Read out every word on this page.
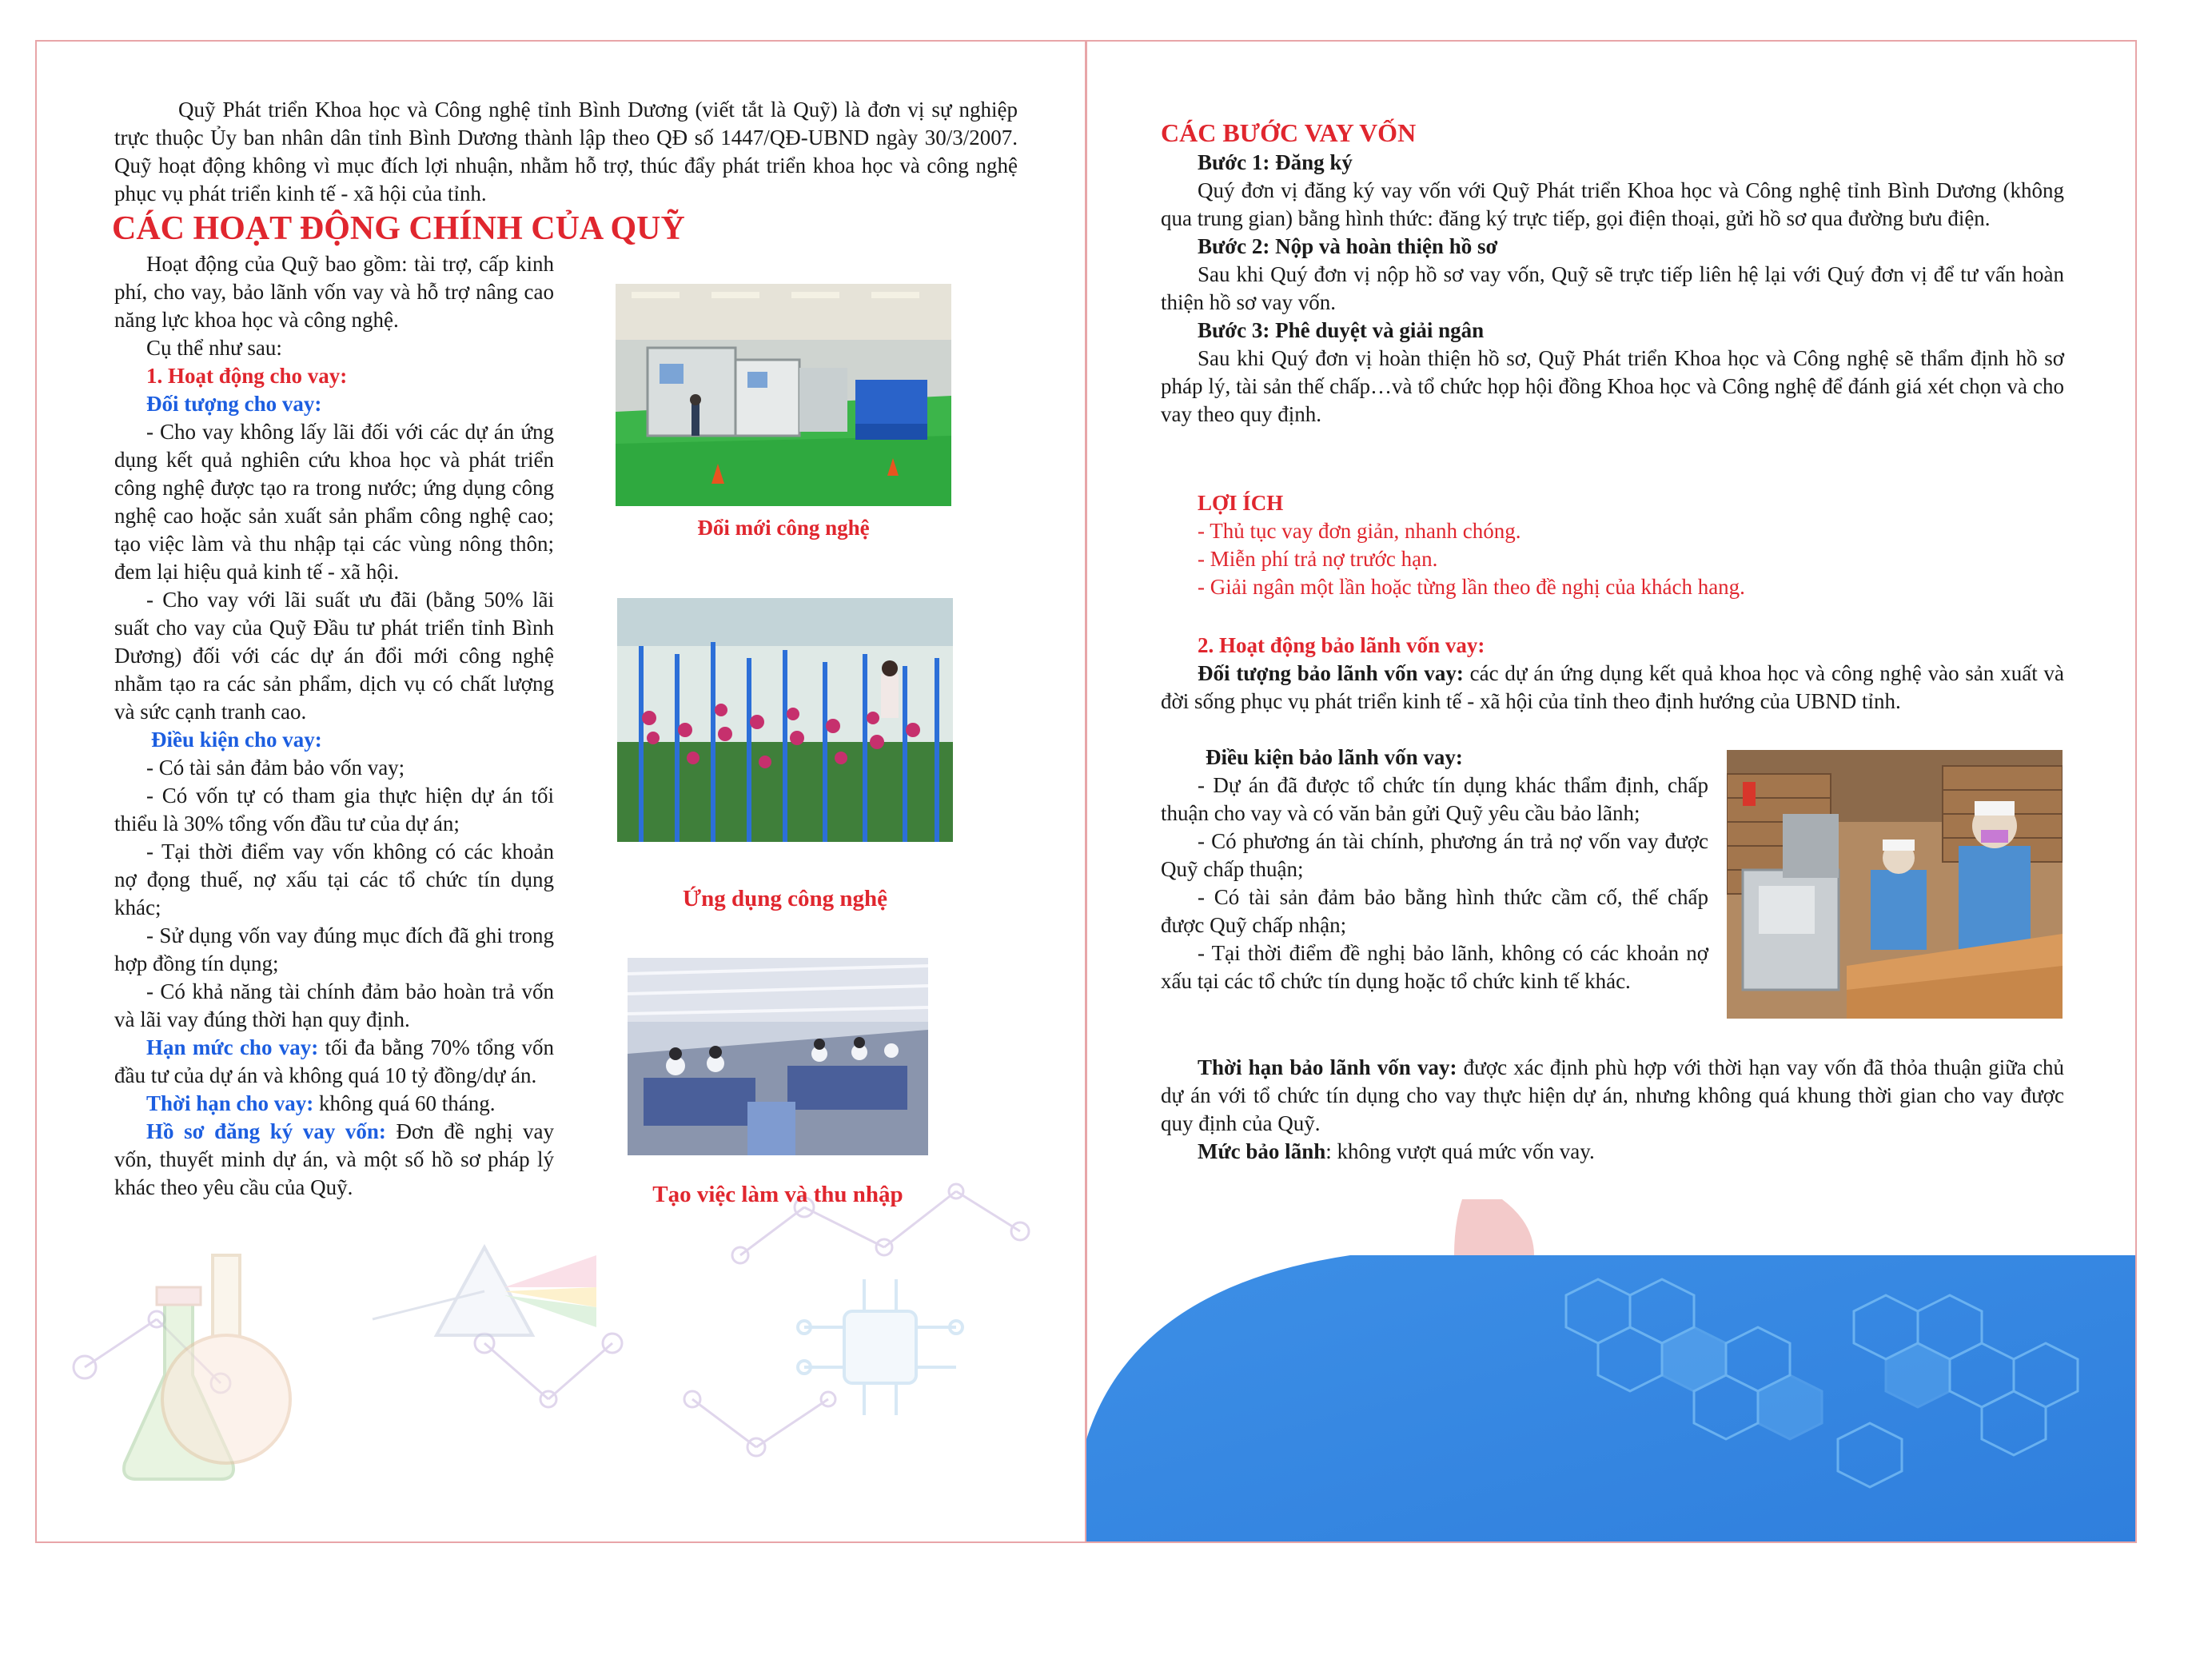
Quỹ Phát triển Khoa học và Công nghệ tỉnh Bình Dương (viết tắt là Quỹ) là đơn vị sự nghiệp trực thuộc Ủy ban nhân dân tỉnh Bình Dương thành lập theo QĐ số 1447/QĐ-UBND ngày 30/3/2007. Quỹ hoạt động không vì mục đích lợi nhuận, nhằm hỗ trợ, thúc đẩy phát triển khoa học và công nghệ phục vụ phát triển kinh tế - xã hội của tỉnh.

CÁC HOẠT ĐỘNG CHÍNH CỦA QUỸ

Hoạt động của Quỹ bao gồm: tài trợ, cấp kinh phí, cho vay, bảo lãnh vốn vay và hỗ trợ nâng cao năng lực khoa học và công nghệ.

Cụ thể như sau:

1. Hoạt động cho vay:

Đối tượng cho vay:

- Cho vay không lấy lãi đối với các dự án ứng dụng kết quả nghiên cứu khoa học và phát triển công nghệ được tạo ra trong nước; ứng dụng công nghệ cao hoặc sản xuất sản phẩm công nghệ cao; tạo việc làm và thu nhập tại các vùng nông thôn; đem lại hiệu quả kinh tế - xã hội.

- Cho vay với lãi suất ưu đãi (bằng 50% lãi suất cho vay của Quỹ Đầu tư phát triển tỉnh Bình Dương) đối với các dự án đổi mới công nghệ nhằm tạo ra các sản phẩm, dịch vụ có chất lượng và sức cạnh tranh cao.

Điều kiện cho vay:

- Có tài sản đảm bảo vốn vay;

- Có vốn tự có tham gia thực hiện dự án tối thiểu là 30% tổng vốn đầu tư của dự án;

- Tại thời điểm vay vốn không có các khoản nợ đọng thuế, nợ xấu tại các tổ chức tín dụng khác;

- Sử dụng vốn vay đúng mục đích đã ghi trong hợp đồng tín dụng;

- Có khả năng tài chính đảm bảo hoàn trả vốn và lãi vay đúng thời hạn quy định.

Hạn mức cho vay: tối đa bằng 70% tổng vốn đầu tư của dự án và không quá 10 tỷ đồng/dự án.

Thời hạn cho vay: không quá 60 tháng.

Hồ sơ đăng ký vay vốn: Đơn đề nghị vay vốn, thuyết minh dự án, và một số hồ sơ pháp lý khác theo yêu cầu của Quỹ.

Đổi mới công nghệ
Ứng dụng công nghệ
Tạo việc làm và thu nhập
CÁC BƯỚC VAY VỐN

Bước 1: Đăng ký

Quý đơn vị đăng ký vay vốn với Quỹ Phát triển Khoa học và Công nghệ tỉnh Bình Dương (không qua trung gian) bằng hình thức: đăng ký trực tiếp, gọi điện thoại, gửi hồ sơ qua đường bưu điện.

Bước 2: Nộp và hoàn thiện hồ sơ

Sau khi Quý đơn vị nộp hồ sơ vay vốn, Quỹ sẽ trực tiếp liên hệ lại với Quý đơn vị để tư vấn hoàn thiện hồ sơ vay vốn.

Bước 3: Phê duyệt và giải ngân

Sau khi Quý đơn vị hoàn thiện hồ sơ, Quỹ Phát triển Khoa học và Công nghệ sẽ thẩm định hồ sơ pháp lý, tài sản thế chấp…và tổ chức họp hội đồng Khoa học và Công nghệ để đánh giá xét chọn và cho vay theo quy định.

LỢI ÍCH

- Thủ tục vay đơn giản, nhanh chóng.

- Miễn phí trả nợ trước hạn.

- Giải ngân một lần hoặc từng lần theo đề nghị của khách hang.

2. Hoạt động bảo lãnh vốn vay:

Đối tượng bảo lãnh vốn vay: các dự án ứng dụng kết quả khoa học và công nghệ vào sản xuất và đời sống phục vụ phát triển kinh tế - xã hội của tỉnh theo định hướng của UBND tỉnh.

Điều kiện bảo lãnh vốn vay:

- Dự án đã được tổ chức tín dụng khác thẩm định, chấp thuận cho vay và có văn bản gửi Quỹ yêu cầu bảo lãnh;

- Có phương án tài chính, phương án trả nợ vốn vay được Quỹ chấp thuận;

- Có tài sản đảm bảo bằng hình thức cầm cố, thế chấp được Quỹ chấp nhận;

- Tại thời điểm đề nghị bảo lãnh, không có các khoản nợ xấu tại các tổ chức tín dụng hoặc tổ chức kinh tế khác.

Thời hạn bảo lãnh vốn vay: được xác định phù hợp với thời hạn vay vốn đã thỏa thuận giữa chủ dự án với tổ chức tín dụng cho vay thực hiện dự án, nhưng không quá khung thời gian cho vay được quy định của Quỹ.

Mức bảo lãnh: không vượt quá mức vốn vay.
